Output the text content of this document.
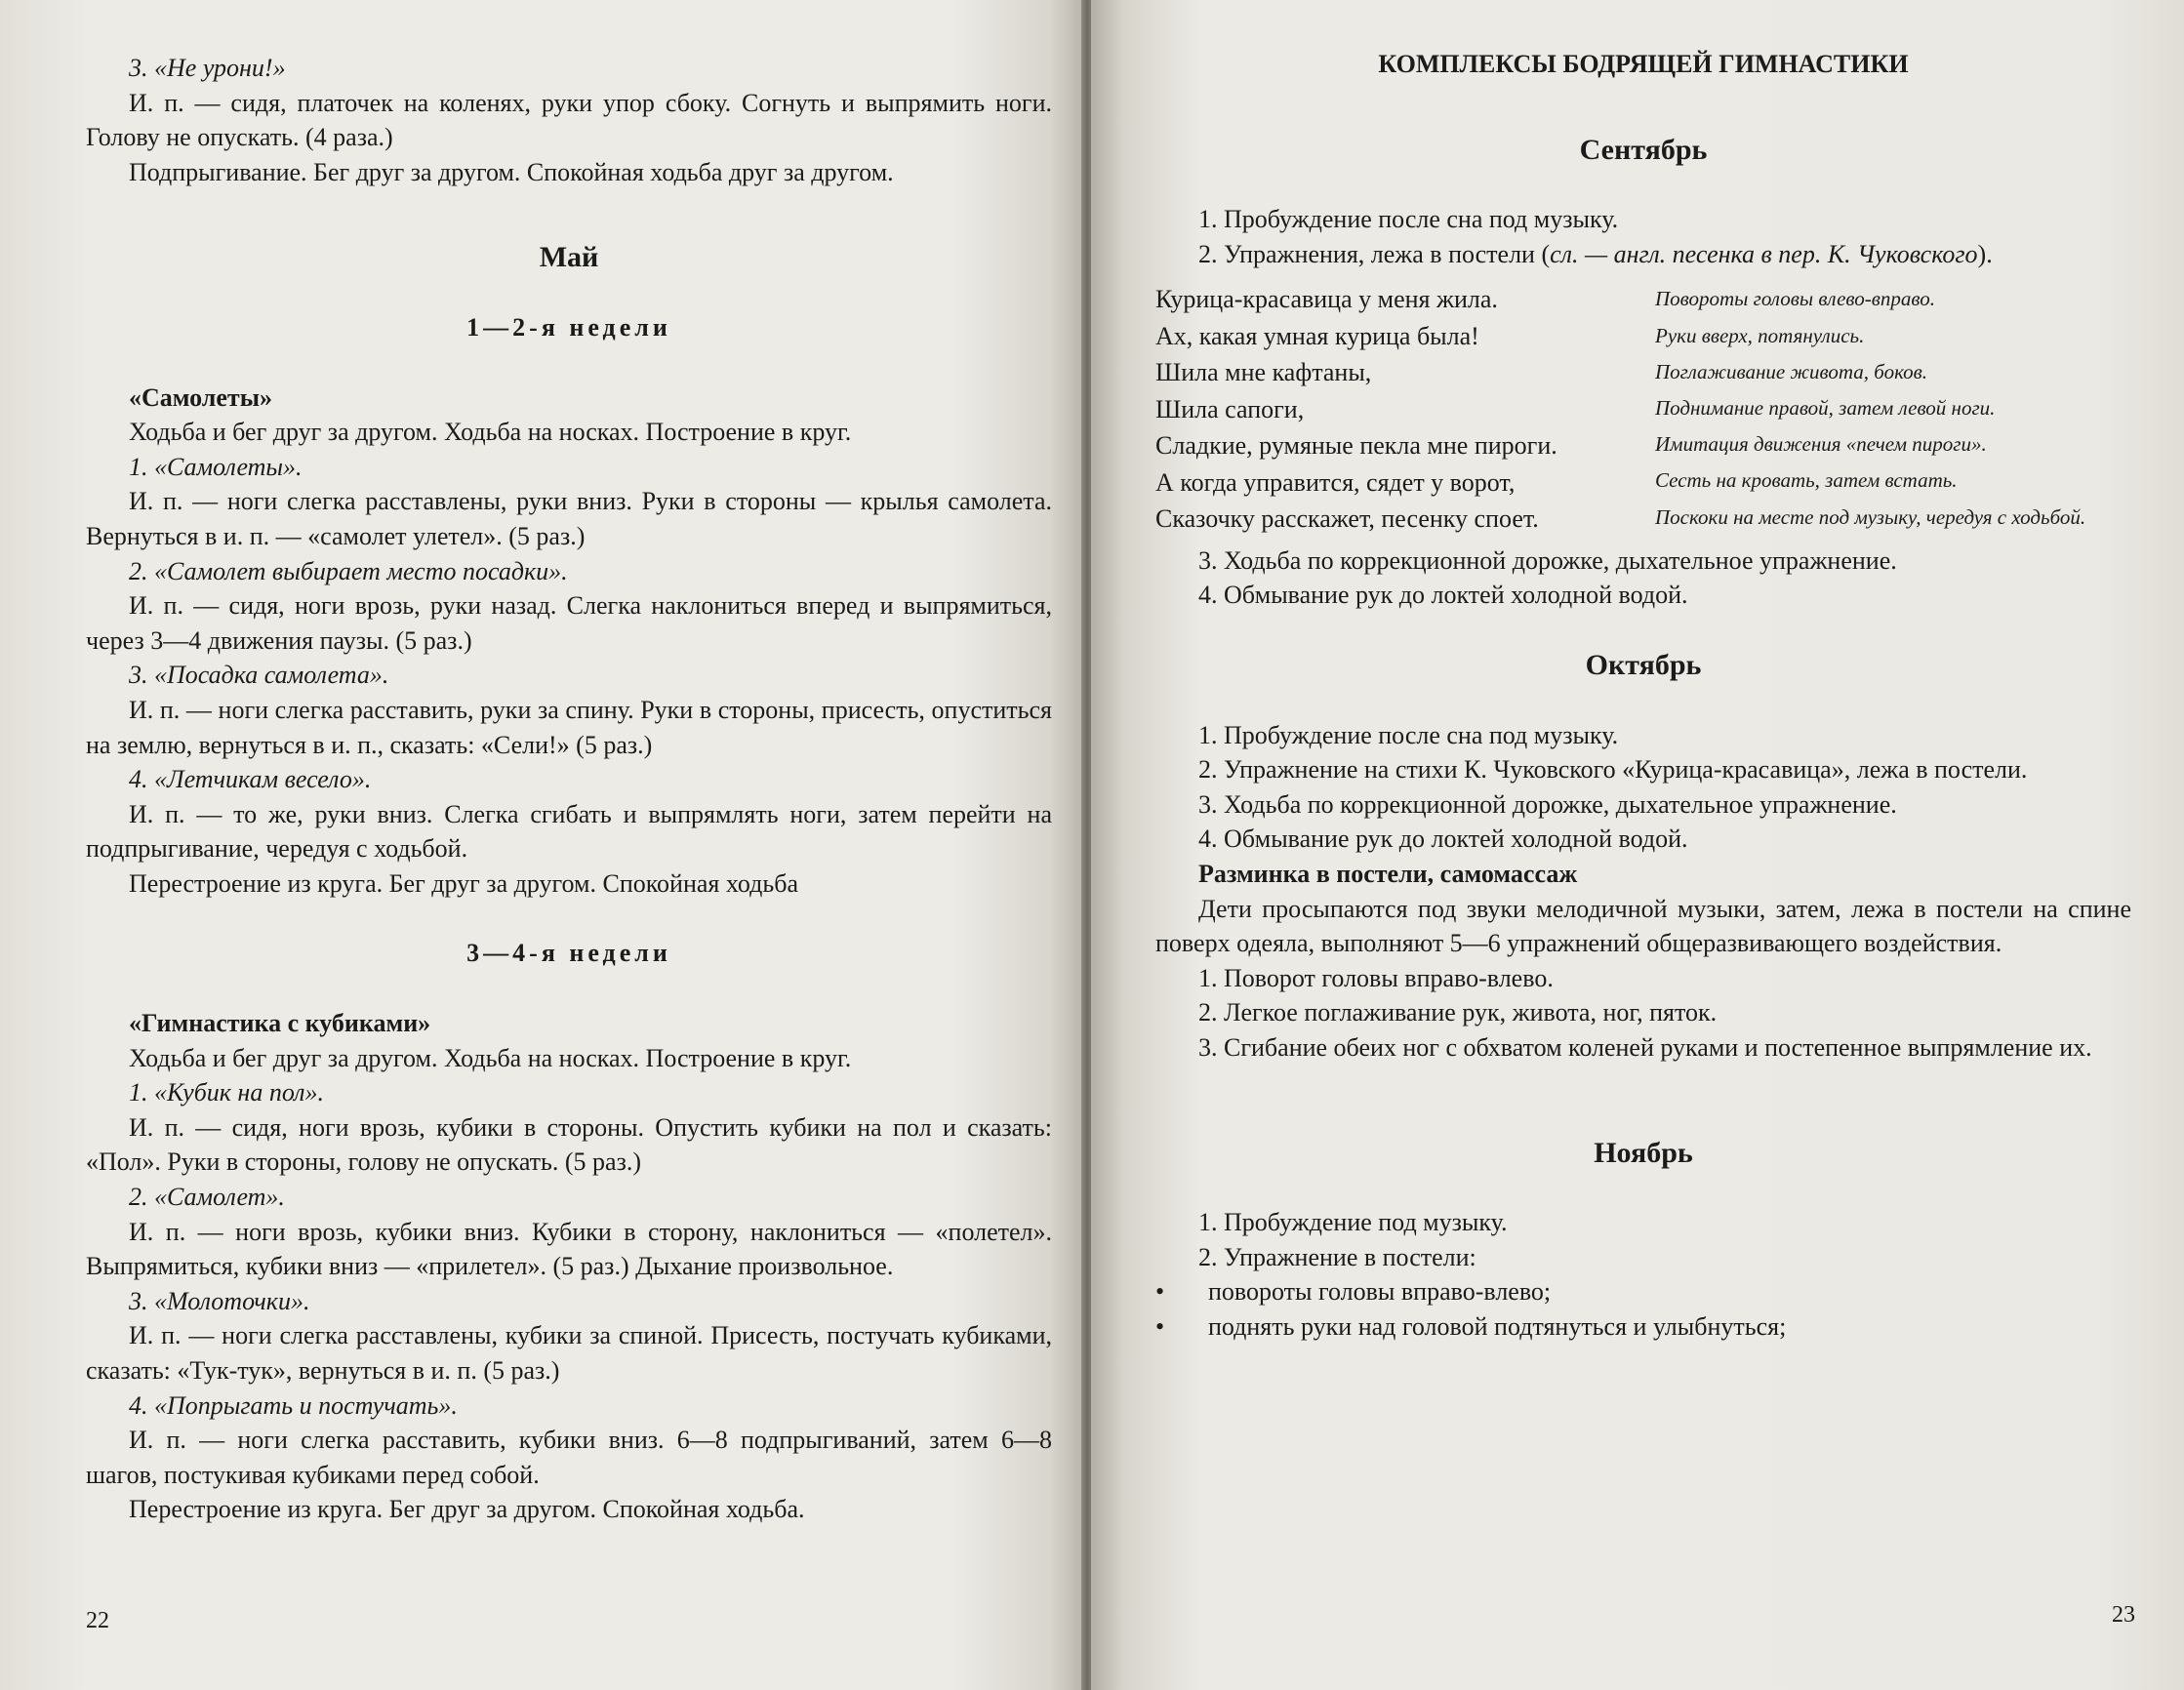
3. «Не урони!»

И. п. — сидя, платочек на коленях, руки упор сбоку. Согнуть и выпрямить ноги. Голову не опускать. (4 раза.)

Подпрыгивание. Бег друг за другом. Спокойная ходьба друг за другом.

Май

1—2-я недели

«Самолеты»

Ходьба и бег друг за другом. Ходьба на носках. Построение в круг.

1. «Самолеты».

И. п. — ноги слегка расставлены, руки вниз. Руки в стороны — крылья самолета. Вернуться в и. п. — «самолет улетел». (5 раз.)

2. «Самолет выбирает место посадки».

И. п. — сидя, ноги врозь, руки назад. Слегка наклониться вперед и выпрямиться, через 3—4 движения паузы. (5 раз.)

3. «Посадка самолета».

И. п. — ноги слегка расставить, руки за спину. Руки в стороны, присесть, опуститься на землю, вернуться в и. п., сказать: «Сели!» (5 раз.)

4. «Летчикам весело».

И. п. — то же, руки вниз. Слегка сгибать и выпрямлять ноги, затем перейти на подпрыгивание, чередуя с ходьбой.

Перестроение из круга. Бег друг за другом. Спокойная ходьба

3—4-я недели

«Гимнастика с кубиками»

Ходьба и бег друг за другом. Ходьба на носках. Построение в круг.

1. «Кубик на пол».

И. п. — сидя, ноги врозь, кубики в стороны. Опустить кубики на пол и сказать: «Пол». Руки в стороны, голову не опускать. (5 раз.)

2. «Самолет».

И. п. — ноги врозь, кубики вниз. Кубики в сторону, наклониться — «полетел». Выпрямиться, кубики вниз — «прилетел». (5 раз.) Дыхание произвольное.

3. «Молоточки».

И. п. — ноги слегка расставлены, кубики за спиной. Присесть, постучать кубиками, сказать: «Тук-тук», вернуться в и. п. (5 раз.)

4. «Попрыгать и постучать».

И. п. — ноги слегка расставить, кубики вниз. 6—8 подпрыгиваний, затем 6—8 шагов, постукивая кубиками перед собой.

Перестроение из круга. Бег друг за другом. Спокойная ходьба.

22

КОМПЛЕКСЫ БОДРЯЩЕЙ ГИМНАСТИКИ

Сентябрь

1. Пробуждение после сна под музыку.

2. Упражнения, лежа в постели (сл. — англ. песенка в пер. К. Чуковского).

Курица-красавица у меня жила.
Ах, какая умная курица была!
Шила мне кафтаны,
Шила сапоги,
Сладкие, румяные пекла мне пироги.
А когда управится, сядет у ворот,
Сказочку расскажет, песенку споет.
Повороты головы влево-вправо.
Руки вверх, потянулись.
Поглаживание живота, боков.
Поднимание правой, затем левой ноги.
Имитация движения «печем пироги».
Сесть на кровать, затем встать.
Поскоки на месте под музыку, чередуя с ходьбой.

3. Ходьба по коррекционной дорожке, дыхательное упражнение.

4. Обмывание рук до локтей холодной водой.

Октябрь

1. Пробуждение после сна под музыку.

2. Упражнение на стихи К. Чуковского «Курица-красавица», лежа в постели.

3. Ходьба по коррекционной дорожке, дыхательное упражнение.

4. Обмывание рук до локтей холодной водой.

Разминка в постели, самомассаж

Дети просыпаются под звуки мелодичной музыки, затем, лежа в постели на спине поверх одеяла, выполняют 5—6 упражнений общеразвивающего воздействия.

1. Поворот головы вправо-влево.

2. Легкое поглаживание рук, живота, ног, пяток.

3. Сгибание обеих ног с обхватом коленей руками и постепенное выпрямление их.

Ноябрь

1. Пробуждение под музыку.

2. Упражнение в постели:

• повороты головы вправо-влево;
• поднять руки над головой подтянуться и улыбнуться;
23
